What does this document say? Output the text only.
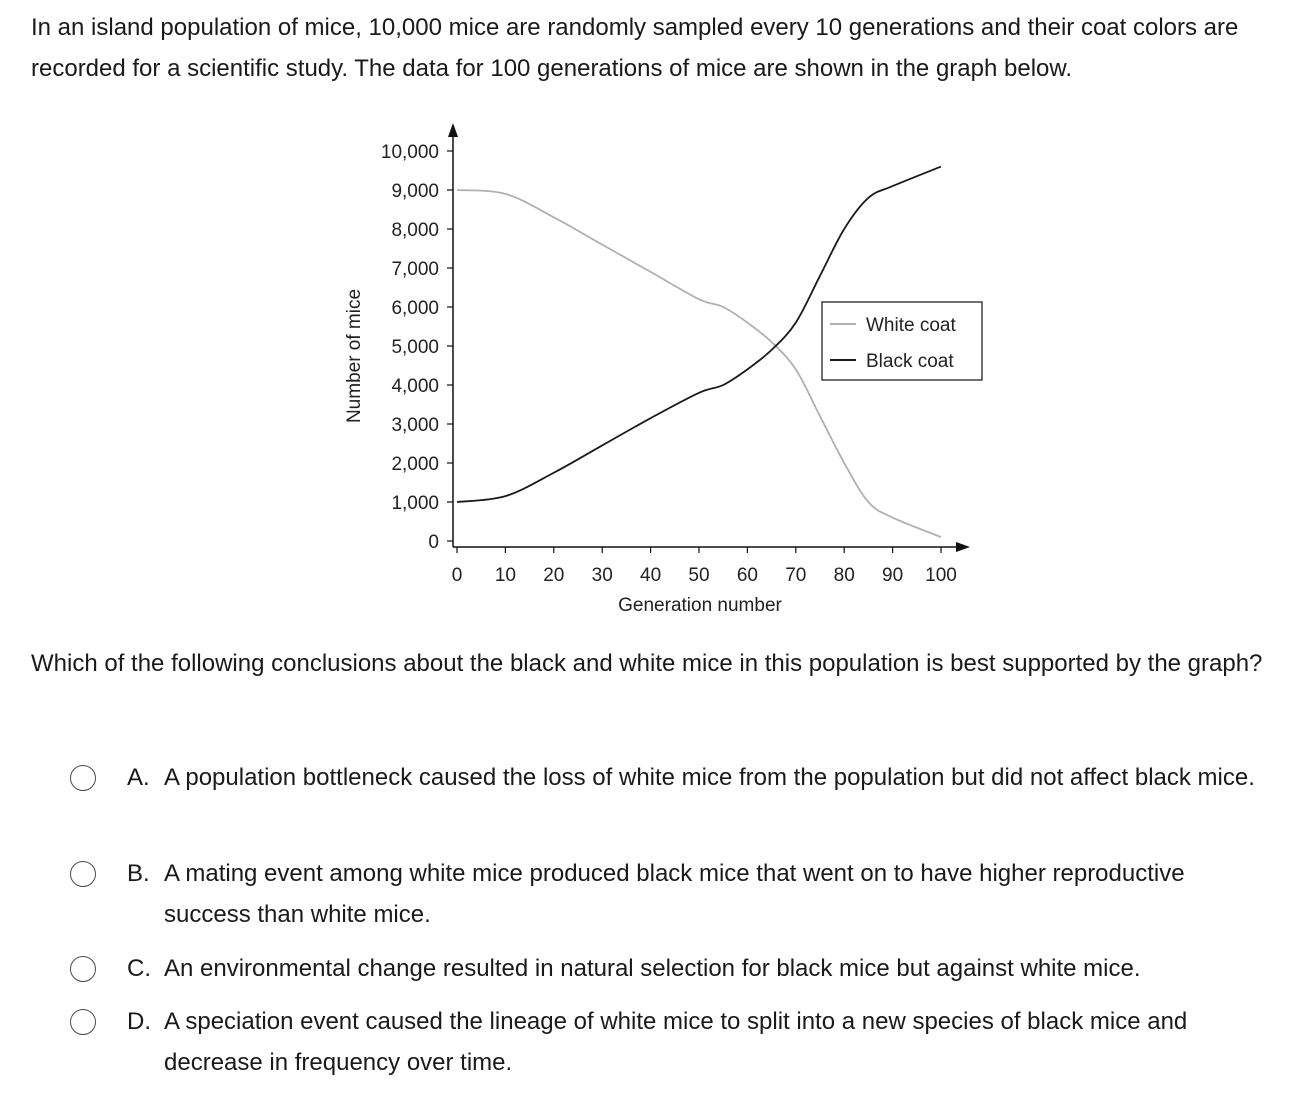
In an island population of mice, 10,000 mice are randomly sampled every 10 generations and their coat colors are recorded for a scientific study. The data for 100 generations of mice are shown in the graph below.

0
1,000
2,000
3,000
4,000
5,000
6,000
7,000
8,000
9,000
10,000
0 10 20 30 40 50 60 70 80 90 100
Generation number
Number of mice	White coat
Black coat

Which of the following conclusions about the black and white mice in this population is best supported by the graph?

A. A population bottleneck caused the loss of white mice from the population but did not affect black mice.
B. A mating event among white mice produced black mice that went on to have higher reproductive success than white mice.
C. An environmental change resulted in natural selection for black mice but against white mice.
D. A speciation event caused the lineage of white mice to split into a new species of black mice and decrease in frequency over time.
